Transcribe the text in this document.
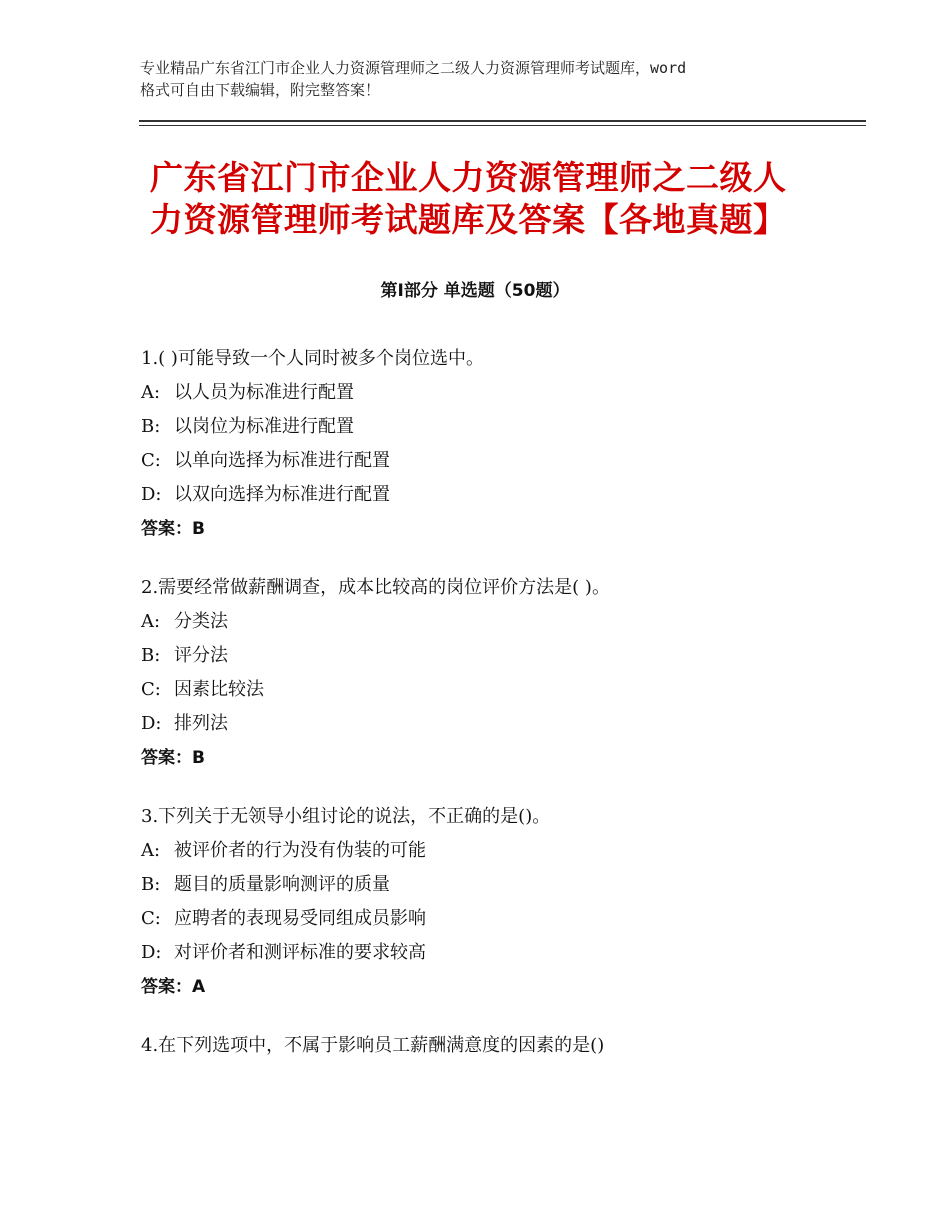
专业精品广东省江门市企业人力资源管理师之二级人力资源管理师考试题库，word
格式可自由下载编辑，附完整答案！
广东省江门市企业人力资源管理师之二级人
力资源管理师考试题库及答案【各地真题】
第Ⅰ部分 单选题（50题）
1.( )可能导致一个人同时被多个岗位选中。
A: 以人员为标准进行配置
B: 以岗位为标准进行配置
C: 以单向选择为标准进行配置
D: 以双向选择为标准进行配置
答案：B
2.需要经常做薪酬调查，成本比较高的岗位评价方法是( )。
A: 分类法
B: 评分法
C: 因素比较法
D: 排列法
答案：B
3.下列关于无领导小组讨论的说法，不正确的是()。
A: 被评价者的行为没有伪装的可能
B: 题目的质量影响测评的质量
C: 应聘者的表现易受同组成员影响
D: 对评价者和测评标准的要求较高
答案：A
4.在下列选项中，不属于影响员工薪酬满意度的因素的是()
